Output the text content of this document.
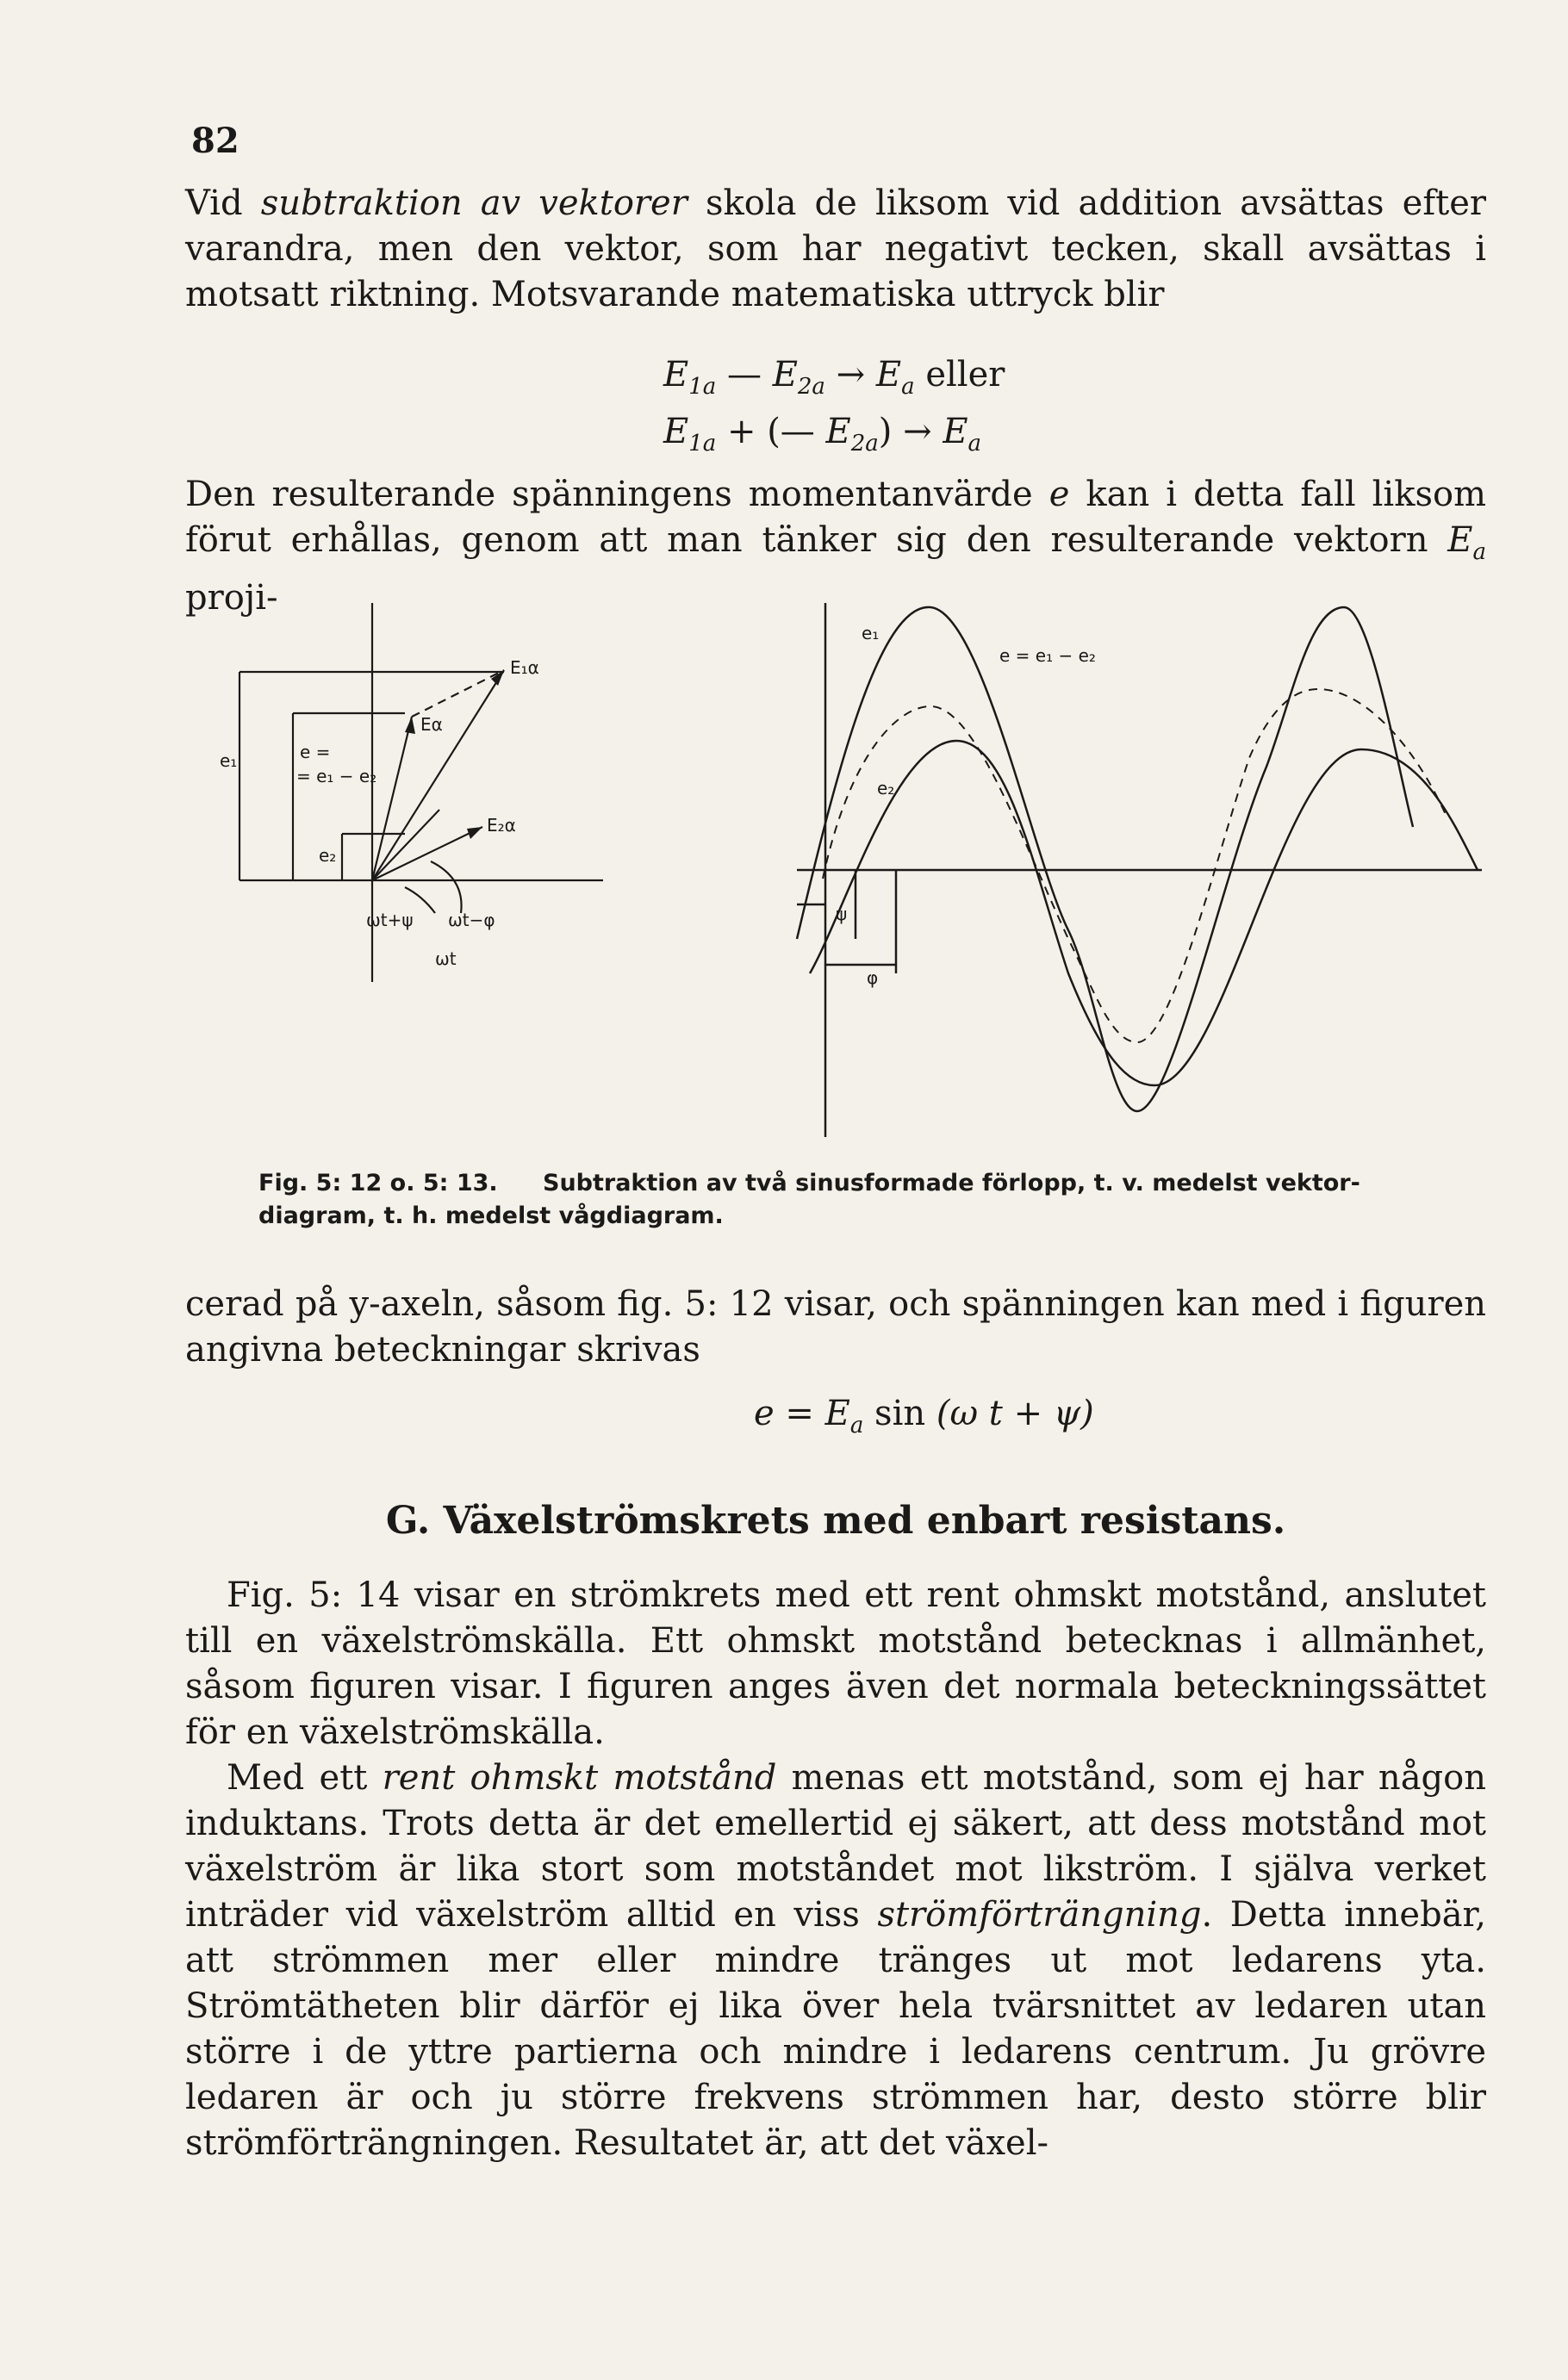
82

Vid subtraktion av vektorer skola de liksom vid addition avsättas efter varandra, men den vektor, som har negativt tecken, skall avsättas i motsatt riktning. Motsvarande matematiska uttryck blir

$E_{1a}$ — $E_{2a} \to E_a$ eller
$E_{1a}$ + (— $E_{2a}) \to E_a$

Den resulterande spänningens momentanvärde e kan i detta fall liksom förut erhållas, genom att man tänker sig den resulterande vektorn $E_a$ proji-

E₁α
Eα
E₂α
e₁	e =
= e₁ − e₂
e₂
ωt+ψ ωt−φ
ωt
e₁
e = e₁ − e₂
e₂
ψ
φ
Fig. 5: 12 o. 5: 13. Subtraktion av två sinusformade förlopp, t. v. medelst vektor-diagram, t. h. medelst vågdiagram.

cerad på y-axeln, såsom fig. 5: 12 visar, och spänningen kan med i figuren angivna beteckningar skrivas

$e = E_a$ sin (ω t + ψ)
G. Växelströmskrets med enbart resistans.

Fig. 5: 14 visar en strömkrets med ett rent ohmskt motstånd, anslutet till en växelströmskälla. Ett ohmskt motstånd betecknas i allmänhet, såsom figuren visar. I figuren anges även det normala beteckningssättet för en växelströmskälla.

Med ett rent ohmskt motstånd menas ett motstånd, som ej har någon induktans. Trots detta är det emellertid ej säkert, att dess motstånd mot växelström är lika stort som motståndet mot likström. I själva verket inträder vid växelström alltid en viss strömförträngning. Detta innebär, att strömmen mer eller mindre tränges ut mot ledarens yta. Strömtätheten blir därför ej lika över hela tvärsnittet av ledaren utan större i de yttre partierna och mindre i ledarens centrum. Ju grövre ledaren är och ju större frekvens strömmen har, desto större blir strömförträngningen. Resultatet är, att det växel-
